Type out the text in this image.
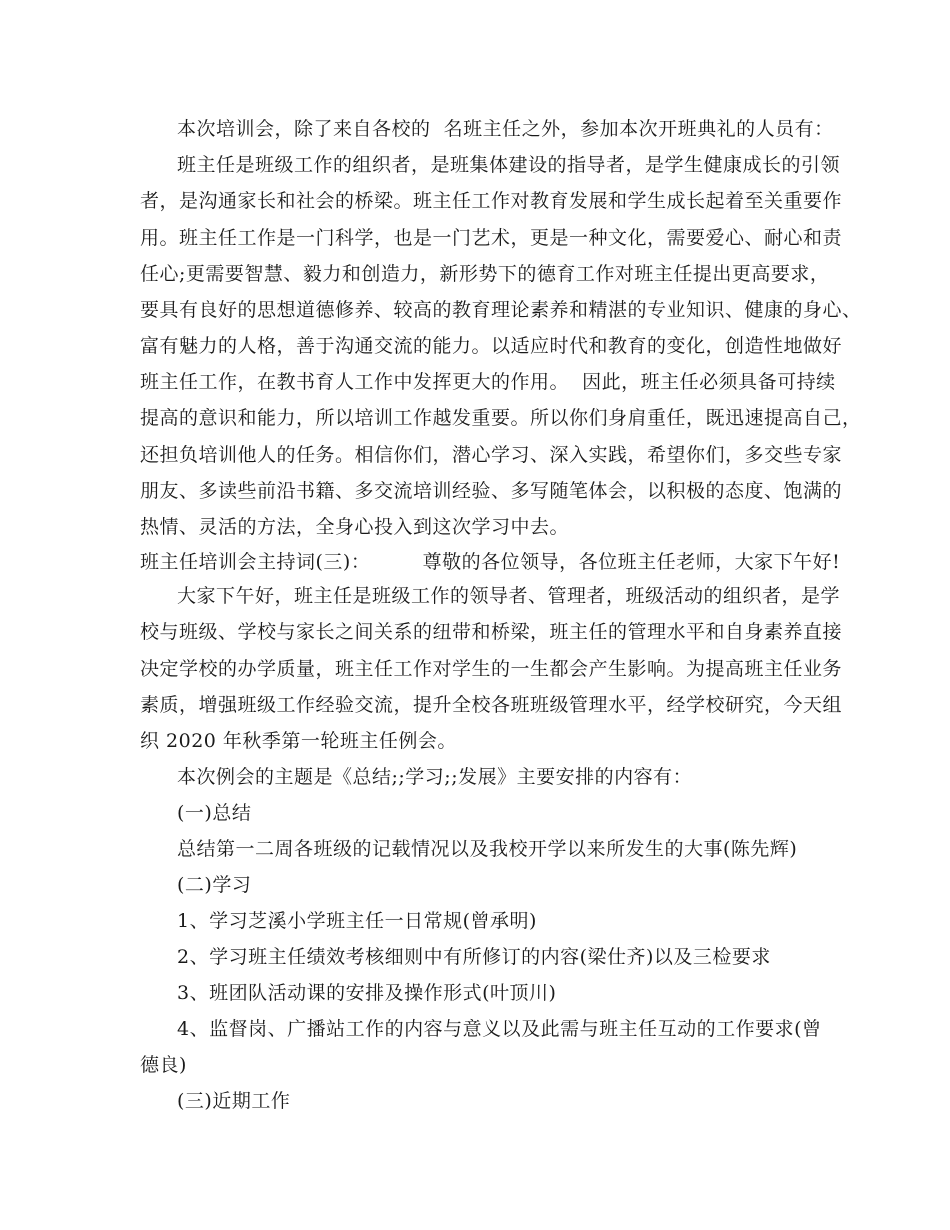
本次培训会，除了来自各校的  名班主任之外，参加本次开班典礼的人员有：
班主任是班级工作的组织者，是班集体建设的指导者，是学生健康成长的引领
者，是沟通家长和社会的桥梁。班主任工作对教育发展和学生成长起着至关重要作
用。班主任工作是一门科学，也是一门艺术，更是一种文化，需要爱心、耐心和责
任心;更需要智慧、毅力和创造力，新形势下的德育工作对班主任提出更高要求，
要具有良好的思想道德修养、较高的教育理论素养和精湛的专业知识、健康的身心、
富有魅力的人格，善于沟通交流的能力。以适应时代和教育的变化，创造性地做好
班主任工作，在教书育人工作中发挥更大的作用。  因此，班主任必须具备可持续
提高的意识和能力，所以培训工作越发重要。所以你们身肩重任，既迅速提高自己，
还担负培训他人的任务。相信你们，潜心学习、深入实践，希望你们，多交些专家
朋友、多读些前沿书籍、多交流培训经验、多写随笔体会，以积极的态度、饱满的
热情、灵活的方法，全身心投入到这次学习中去。
班主任培训会主持词(三)：        尊敬的各位领导，各位班主任老师，大家下午好!
大家下午好，班主任是班级工作的领导者、管理者，班级活动的组织者，是学
校与班级、学校与家长之间关系的纽带和桥梁，班主任的管理水平和自身素养直接
决定学校的办学质量，班主任工作对学生的一生都会产生影响。为提高班主任业务
素质，增强班级工作经验交流，提升全校各班班级管理水平，经学校研究，今天组
织 2020 年秋季第一轮班主任例会。
本次例会的主题是《总结;;学习;;发展》主要安排的内容有：
(一)总结
总结第一二周各班级的记载情况以及我校开学以来所发生的大事(陈先辉)
(二)学习
1、学习芝溪小学班主任一日常规(曾承明)
2、学习班主任绩效考核细则中有所修订的内容(梁仕齐)以及三检要求
3、班团队活动课的安排及操作形式(叶顶川)
4、监督岗、广播站工作的内容与意义以及此需与班主任互动的工作要求(曾
德良)
(三)近期工作
